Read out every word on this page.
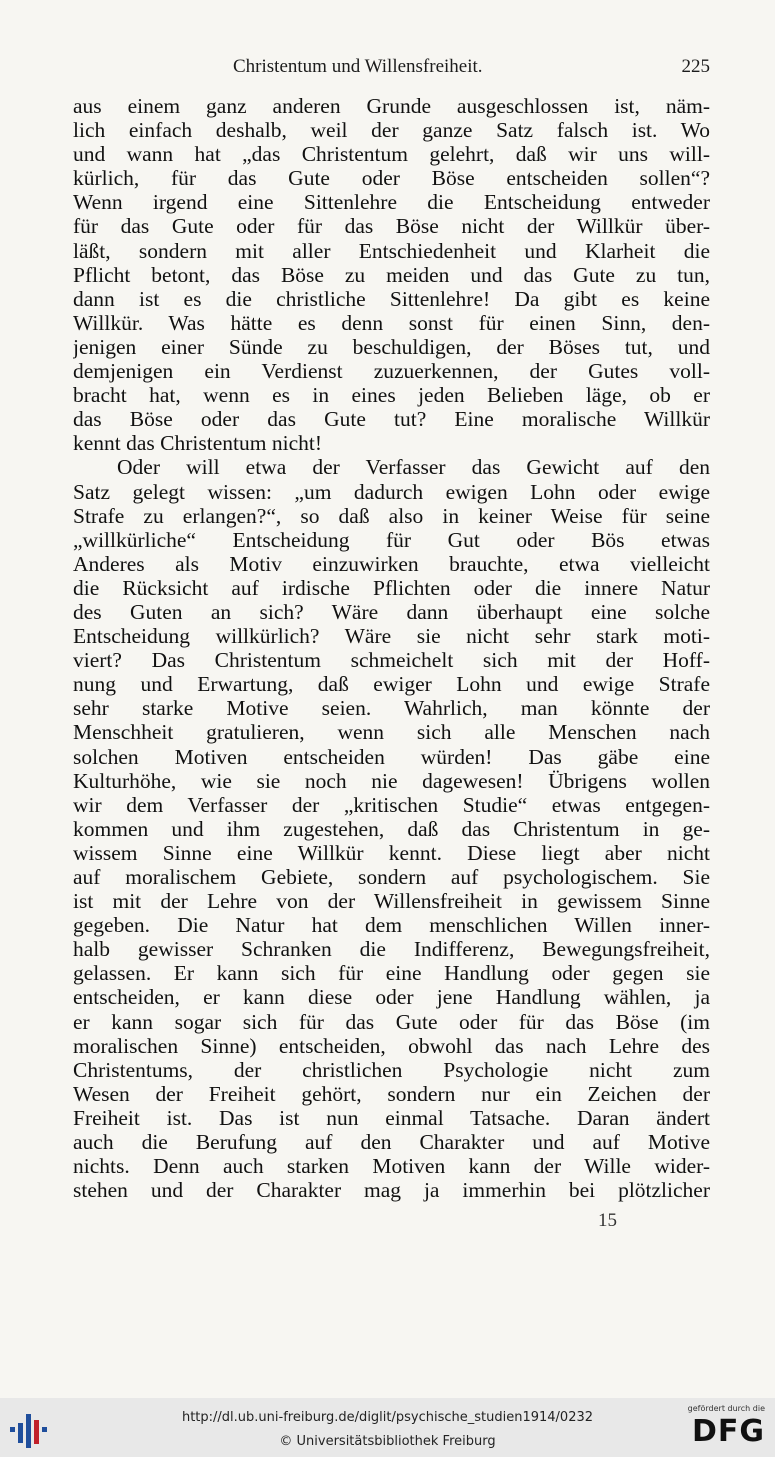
Christentum und Willensfreiheit.	225
aus einem ganz anderen Grunde ausgeschlossen ist, näm-
lich einfach deshalb, weil der ganze Satz falsch ist. Wo
und wann hat „das Christentum gelehrt, daß wir uns will-
kürlich, für das Gute oder Böse entscheiden sollen“?
Wenn irgend eine Sittenlehre die Entscheidung entweder
für das Gute oder für das Böse nicht der Willkür über-
läßt, sondern mit aller Entschiedenheit und Klarheit die
Pflicht betont, das Böse zu meiden und das Gute zu tun,
dann ist es die christliche Sittenlehre! Da gibt es keine
Willkür. Was hätte es denn sonst für einen Sinn, den-
jenigen einer Sünde zu beschuldigen, der Böses tut, und
demjenigen ein Verdienst zuzuerkennen, der Gutes voll-
bracht hat, wenn es in eines jeden Belieben läge, ob er
das Böse oder das Gute tut? Eine moralische Willkür
kennt das Christentum nicht!
Oder will etwa der Verfasser das Gewicht auf den
Satz gelegt wissen: „um dadurch ewigen Lohn oder ewige
Strafe zu erlangen?“, so daß also in keiner Weise für seine
„willkürliche“ Entscheidung für Gut oder Bös etwas
Anderes als Motiv einzuwirken brauchte, etwa vielleicht
die Rücksicht auf irdische Pflichten oder die innere Natur
des Guten an sich? Wäre dann überhaupt eine solche
Entscheidung willkürlich? Wäre sie nicht sehr stark moti-
viert? Das Christentum schmeichelt sich mit der Hoff-
nung und Erwartung, daß ewiger Lohn und ewige Strafe
sehr starke Motive seien. Wahrlich, man könnte der
Menschheit gratulieren, wenn sich alle Menschen nach
solchen Motiven entscheiden würden! Das gäbe eine
Kulturhöhe, wie sie noch nie dagewesen! Übrigens wollen
wir dem Verfasser der „kritischen Studie“ etwas entgegen-
kommen und ihm zugestehen, daß das Christentum in ge-
wissem Sinne eine Willkür kennt. Diese liegt aber nicht
auf moralischem Gebiete, sondern auf psychologischem. Sie
ist mit der Lehre von der Willensfreiheit in gewissem Sinne
gegeben. Die Natur hat dem menschlichen Willen inner-
halb gewisser Schranken die Indifferenz, Bewegungsfreiheit,
gelassen. Er kann sich für eine Handlung oder gegen sie
entscheiden, er kann diese oder jene Handlung wählen, ja
er kann sogar sich für das Gute oder für das Böse (im
moralischen Sinne) entscheiden, obwohl das nach Lehre des
Christentums, der christlichen Psychologie nicht zum
Wesen der Freiheit gehört, sondern nur ein Zeichen der
Freiheit ist. Das ist nun einmal Tatsache. Daran ändert
auch die Berufung auf den Charakter und auf Motive
nichts. Denn auch starken Motiven kann der Wille wider-
stehen und der Charakter mag ja immerhin bei plötzlicher
15
http://dl.ub.uni-freiburg.de/diglit/psychische_studien1914/0232
© Universitätsbibliothek Freiburg
gefördert durch die
DFG
